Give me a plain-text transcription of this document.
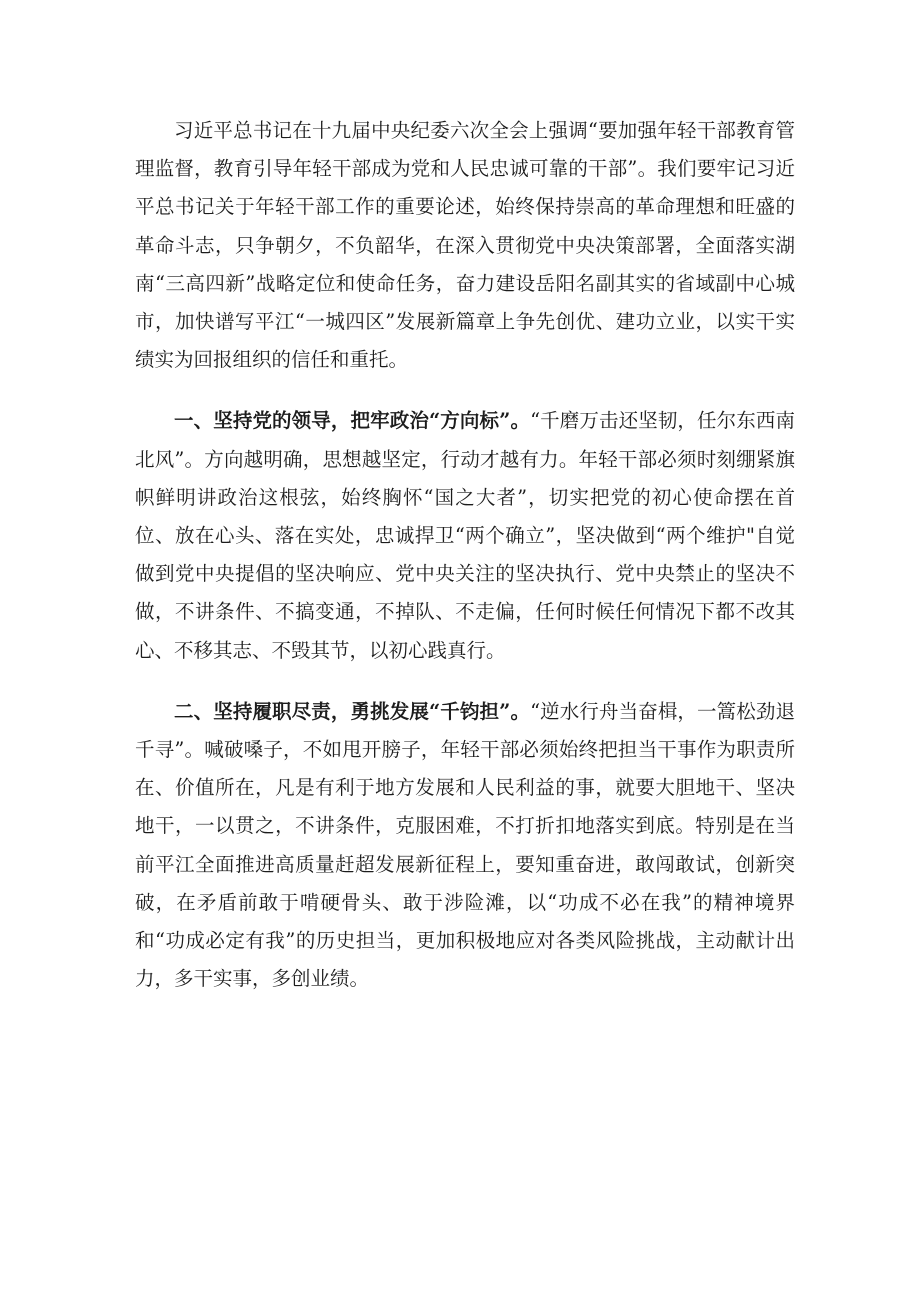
习近平总书记在十九届中央纪委六次全会上强调“要加强年轻干部教育管理监督，教育引导年轻干部成为党和人民忠诚可靠的干部”。我们要牢记习近平总书记关于年轻干部工作的重要论述，始终保持崇高的革命理想和旺盛的革命斗志，只争朝夕，不负韶华，在深入贯彻党中央决策部署，全面落实湖南“三高四新”战略定位和使命任务，奋力建设岳阳名副其实的省域副中心城市，加快谱写平江“一城四区”发展新篇章上争先创优、建功立业，以实干实绩实为回报组织的信任和重托。

一、坚持党的领导，把牢政治“方向标”。“千磨万击还坚韧，任尔东西南北风”。方向越明确，思想越坚定，行动才越有力。年轻干部必须时刻绷紧旗帜鲜明讲政治这根弦，始终胸怀“国之大者”，切实把党的初心使命摆在首位、放在心头、落在实处，忠诚捍卫“两个确立”，坚决做到“两个维护"自觉做到党中央提倡的坚决响应、党中央关注的坚决执行、党中央禁止的坚决不做，不讲条件、不搞变通，不掉队、不走偏，任何时候任何情况下都不改其心、不移其志、不毁其节，以初心践真行。

二、坚持履职尽责，勇挑发展“千钧担”。“逆水行舟当奋楫，一篙松劲退千寻”。喊破嗓子，不如甩开膀子，年轻干部必须始终把担当干事作为职责所在、价值所在，凡是有利于地方发展和人民利益的事，就要大胆地干、坚决地干，一以贯之，不讲条件，克服困难，不打折扣地落实到底。特别是在当前平江全面推进高质量赶超发展新征程上，要知重奋进，敢闯敢试，创新突破，在矛盾前敢于啃硬骨头、敢于涉险滩，以“功成不必在我”的精神境界和“功成必定有我”的历史担当，更加积极地应对各类风险挑战，主动献计出力，多干实事，多创业绩。
